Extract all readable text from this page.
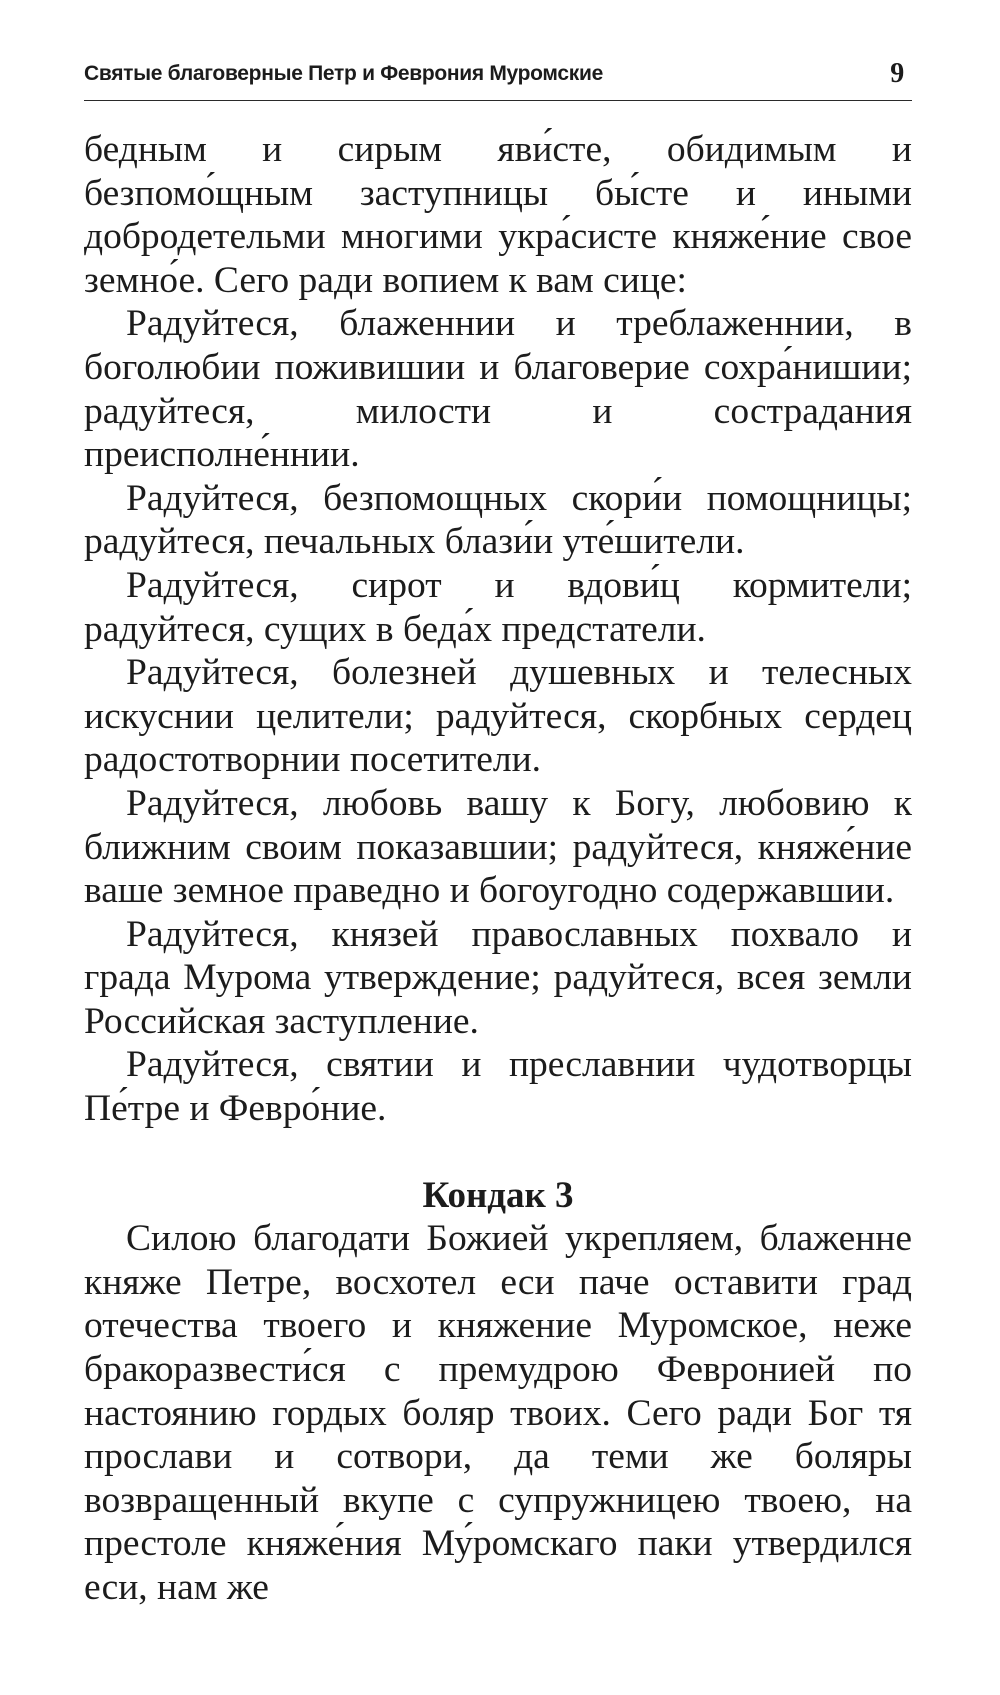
Святые благоверные Петр и Феврония Муромские	9

бедным и сирым яви́сте, обидимым и безпомо́щным заступницы бы́сте и иными добродетельми многими укра́систе княже́ние свое земно́е. Сего ради вопием к вам сице:

Радуйтеся, блаженнии и треблаженнии, в боголюбии поживишии и благоверие сохра́нишии; радуйтеся, милости и сострадания преисполне́ннии.

Радуйтеся, безпомощных скори́и помощницы; радуйтеся, печальных блази́и уте́шители.

Радуйтеся, сирот и вдови́ц кормители; радуйтеся, сущих в беда́х предстатели.

Радуйтеся, болезней душевных и телесных искуснии целители; радуйтеся, скорбных сердец радостотворнии посетители.

Радуйтеся, любовь вашу к Богу, любовию к ближним своим показавшии; радуйтеся, княже́ние ваше земное праведно и богоугодно содержавшии.

Радуйтеся, князей православных похвало и града Мурома утверждение; радуйтеся, всея земли Российская заступление.

Радуйтеся, святии и преславнии чудотворцы Пе́тре и Февро́ние.

Кондак 3

Силою благодати Божией укрепляем, блаженне княже Петре, восхотел еси паче оставити град отечества твоего и княжение Муромское, неже бракоразвести́ся с премудрою Февронией по настоянию гордых боляр твоих. Сего ради Бог тя прослави и сотвори, да теми же боляры возвращенный вкупе с супружницею твоею, на престоле княже́ния Му́ромскаго паки утвердился еси, нам же
